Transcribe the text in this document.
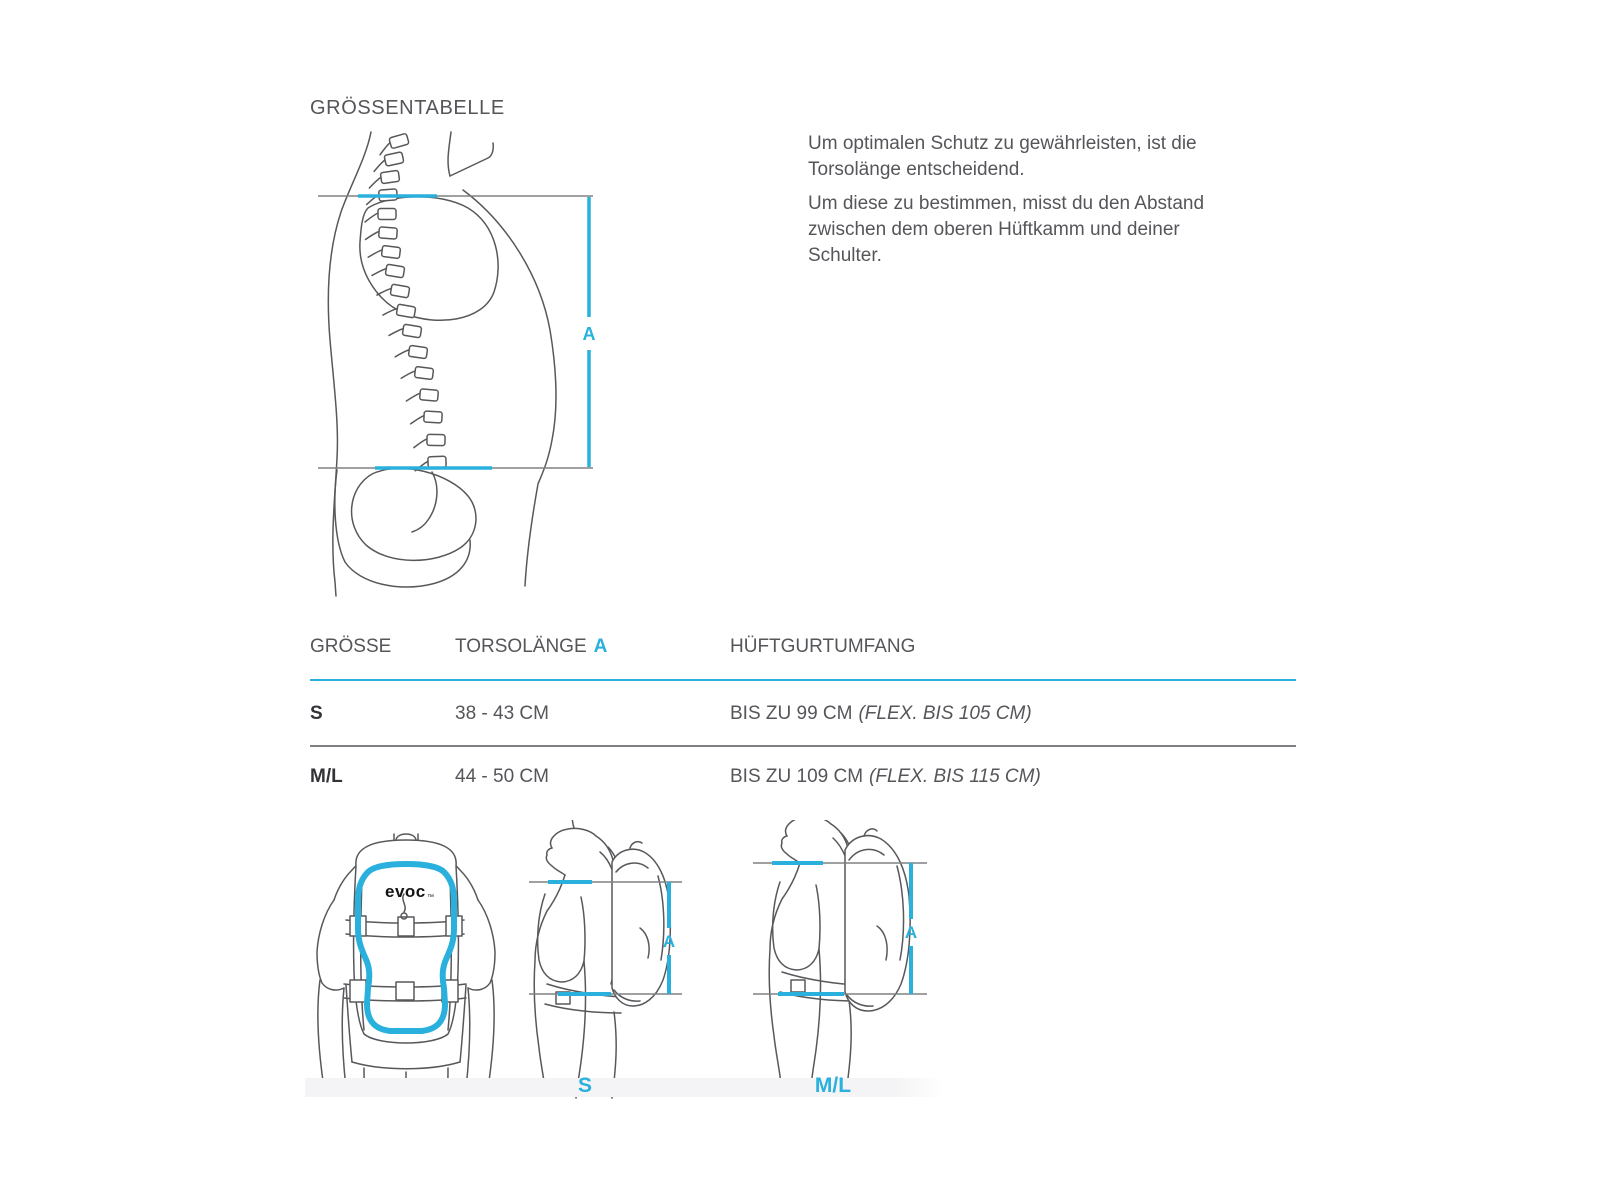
GRÖSSENTABELLE
A

Um optimalen Schutz zu gewährleisten, ist die
Torsolänge entscheidend.

Um diese zu bestimmen, misst du den Abstand
zwischen dem oberen Hüftkamm und deiner
Schulter.

GRÖSSE	TORSOLÄNGE A	HÜFTGURTUMFANG
S	38 - 43 CM	BIS ZU 99 CM (FLEX. BIS 105 CM)
M/L	44 - 50 CM	BIS ZU 109 CM (FLEX. BIS 115 CM)
evoc ™
A	A
S	M/L
